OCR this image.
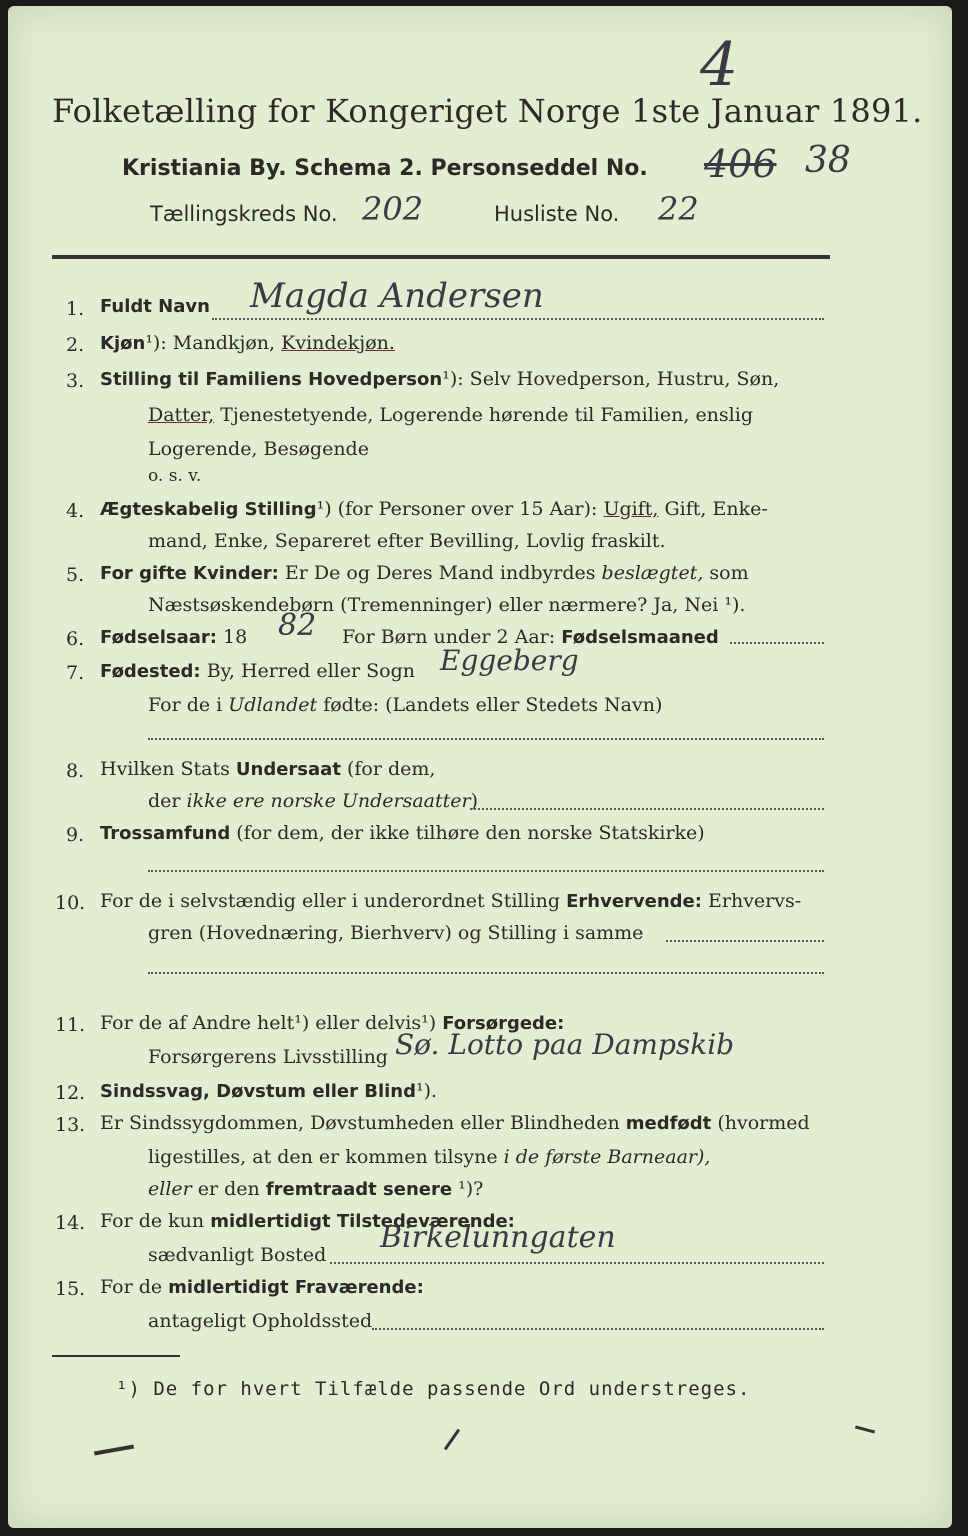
4
Folketælling for Kongeriget Norge 1ste Januar 1891.
Kristiania By. Schema 2. Personseddel No. 406 38
Tællingskreds No. 202	Husliste No. 22
1. Fuldt Navn Magda Andersen
2. Kjøn¹): Mandkjøn, Kvindekjøn.
3. Stilling til Familiens Hovedperson¹): Selv Hovedperson, Hustru, Søn,
Datter, Tjenestetyende, Logerende hørende til Familien, enslig
Logerende, Besøgende
o. s. v.
4. Ægteskabelig Stilling¹) (for Personer over 15 Aar): Ugift, Gift, Enke-
mand, Enke, Separeret efter Bevilling, Lovlig fraskilt.
5. For gifte Kvinder: Er De og Deres Mand indbyrdes beslægtet, som
Næstsøskendebørn (Tremenninger) eller nærmere? Ja, Nei ¹).
6. Fødselsaar: 18 82 For Børn under 2 Aar: Fødselsmaaned
7. Fødested: By, Herred eller Sogn Eggeberg
For de i Udlandet fødte: (Landets eller Stedets Navn)
8. Hvilken Stats Undersaat (for dem,
der ikke ere norske Undersaatter)
9. Trossamfund (for dem, der ikke tilhøre den norske Statskirke)
10. For de i selvstændig eller i underordnet Stilling Erhvervende: Erhvervs-
gren (Hovednæring, Bierhverv) og Stilling i samme
11. For de af Andre helt¹) eller delvis¹) Forsørgede:
Forsørgerens Livsstilling Sø. Lotto paa Dampskib
12. Sindssvag, Døvstum eller Blind¹).
13. Er Sindssygdommen, Døvstumheden eller Blindheden medfødt (hvormed
ligestilles, at den er kommen tilsyne i de første Barneaar),
eller er den fremtraadt senere ¹)?
14. For de kun midlertidigt Tilstedeværende:
sædvanligt Bosted Birkelunngaten
15. For de midlertidigt Fraværende:
antageligt Opholdssted
¹) De for hvert Tilfælde passende Ord understreges.
